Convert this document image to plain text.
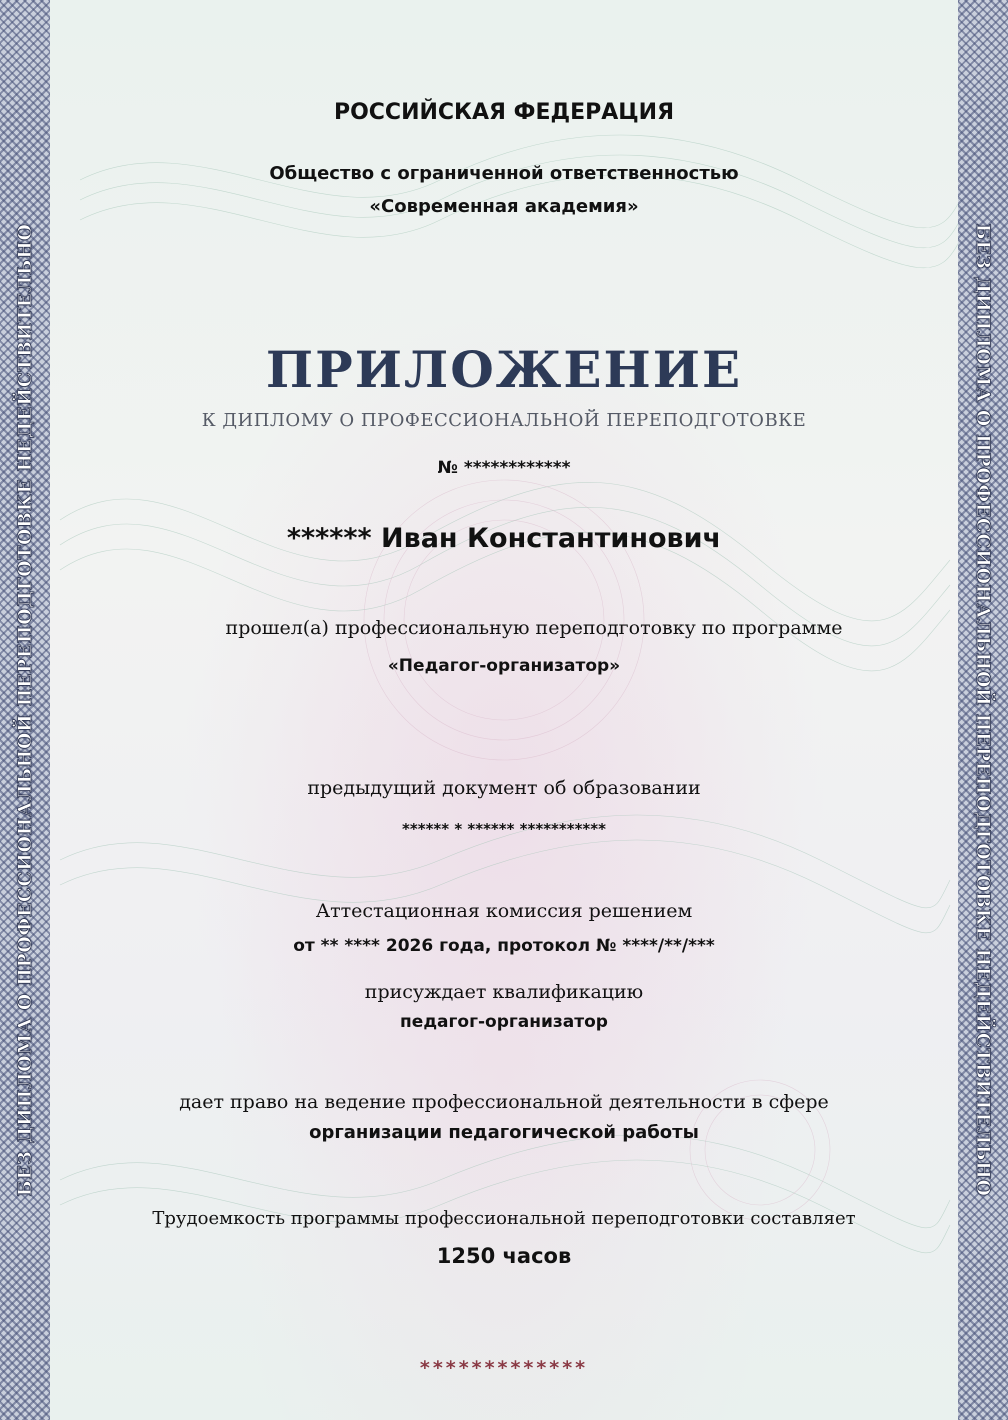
БЕЗ ДИПЛОМА О ПРОФЕССИОНАЛЬНОЙ ПЕРЕПОДГОТОВКЕ НЕДЕЙСТВИТЕЛЬНО	БЕЗ ДИПЛОМА О ПРОФЕССИОНАЛЬНОЙ ПЕРЕПОДГОТОВКЕ НЕДЕЙСТВИТЕЛЬНО
РОССИЙСКАЯ ФЕДЕРАЦИЯ
Общество с ограниченной ответственностью
«Современная академия»
ПРИЛОЖЕНИЕ
К ДИПЛОМУ О ПРОФЕССИОНАЛЬНОЙ ПЕРЕПОДГОТОВКЕ
№ ************
****** Иван Константинович
прошел(а) профессиональную переподготовку по программе
«Педагог-организатор»
предыдущий документ об образовании
****** * ****** ***********
Аттестационная комиссия решением
от ** **** 2026 года, протокол № ****/**/***
присуждает квалификацию
педагог-организатор
дает право на ведение профессиональной деятельности в сфере
организации педагогической работы
Трудоемкость программы профессиональной переподготовки составляет
1250 часов
*************
